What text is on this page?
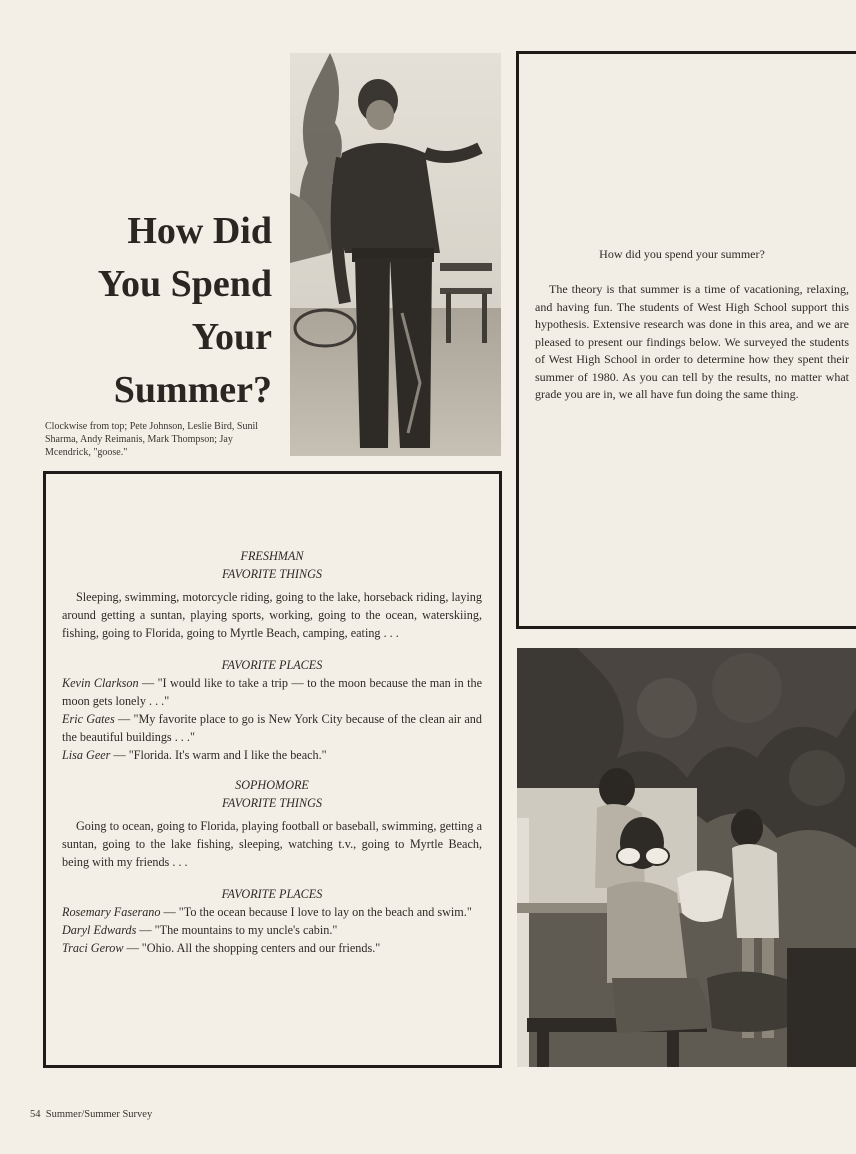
How Did
You Spend
Your
Summer?
Clockwise from top; Pete Johnson, Leslie Bird, Sunil Sharma, Andy Reimanis, Mark Thompson; Jay Mcendrick, "goose."
How did you spend your summer?
The theory is that summer is a time of vacationing, relaxing, and having fun. The students of West High School support this hypothesis. Extensive research was done in this area, and we are pleased to present our findings below. We surveyed the students of West High School in order to determine how they spent their summer of 1980. As you can tell by the results, no matter what grade you are in, we all have fun doing the same thing.
FRESHMAN
FAVORITE THINGS

Sleeping, swimming, motorcycle riding, going to the lake, horseback riding, laying around getting a suntan, playing sports, working, going to the ocean, waterskiing, fishing, going to Florida, going to Myrtle Beach, camping, eating . . .

FAVORITE PLACES

Kevin Clarkson — "I would like to take a trip — to the moon because the man in the moon gets lonely . . ."

Eric Gates — "My favorite place to go is New York City because of the clean air and the beautiful buildings . . ."

Lisa Geer — "Florida. It's warm and I like the beach."

SOPHOMORE
FAVORITE THINGS

Going to ocean, going to Florida, playing football or baseball, swimming, getting a suntan, going to the lake fishing, sleeping, watching t.v., going to Myrtle Beach, being with my friends . . .

FAVORITE PLACES

Rosemary Faserano — "To the ocean because I love to lay on the beach and swim."

Daryl Edwards — "The mountains to my uncle's cabin."

Traci Gerow — "Ohio. All the shopping centers and our friends."

54 Summer/Summer Survey
